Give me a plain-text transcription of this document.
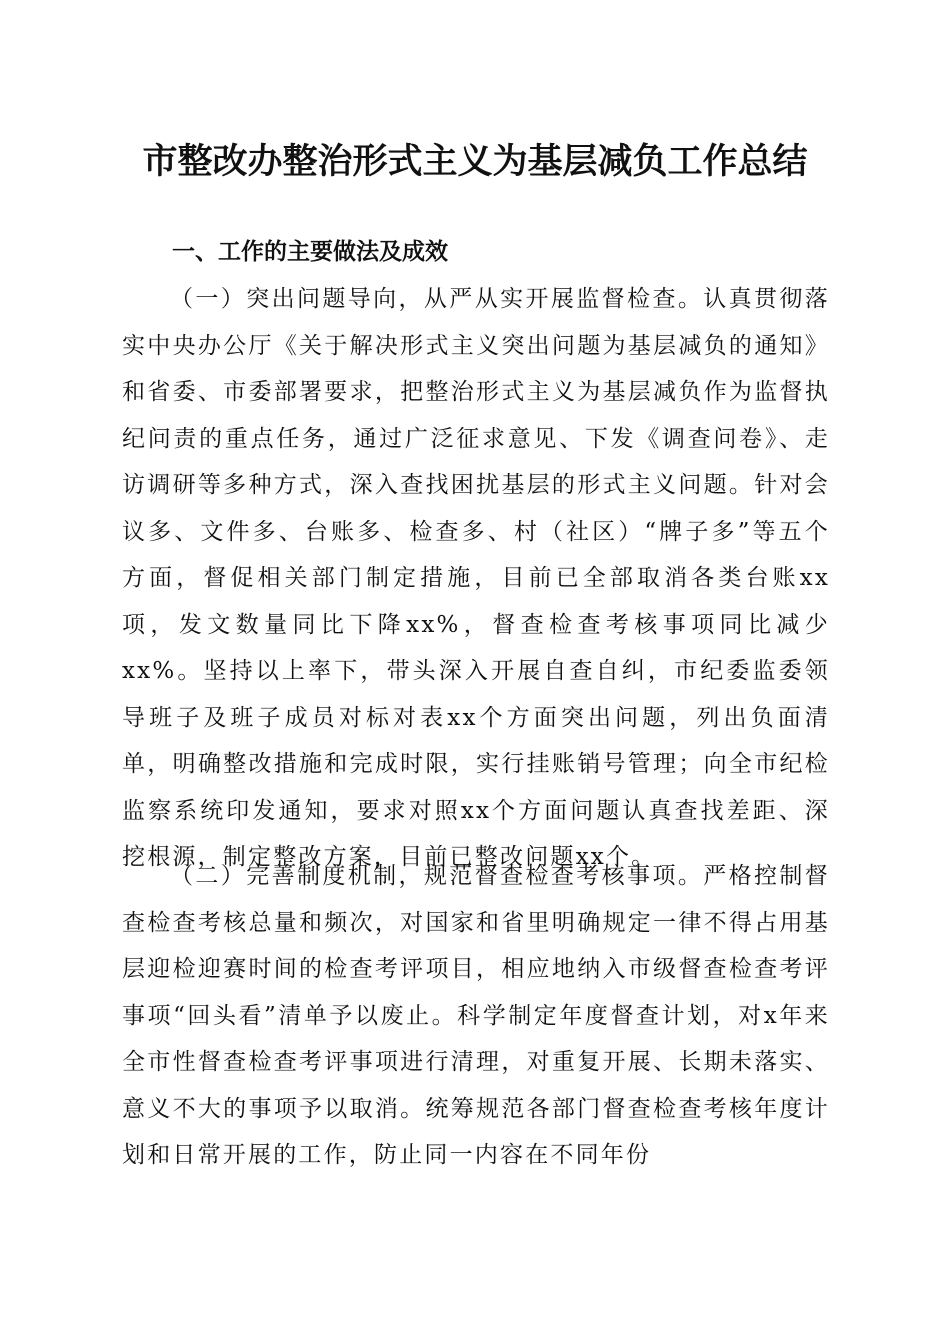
市整改办整治形式主义为基层减负工作总结
一、工作的主要做法及成效

（一）突出问题导向，从严从实开展监督检查。认真贯彻落实中央办公厅《关于解决形式主义突出问题为基层减负的通知》和省委、市委部署要求，把整治形式主义为基层减负作为监督执纪问责的重点任务，通过广泛征求意见、下发《调查问卷》、走访调研等多种方式，深入查找困扰基层的形式主义问题。针对会议多、文件多、台账多、检查多、村（社区）“牌子多”等五个方面，督促相关部门制定措施，目前已全部取消各类台账xx项，发文数量同比下降xx%，督查检查考核事项同比减少xx%。坚持以上率下，带头深入开展自查自纠，市纪委监委领导班子及班子成员对标对表xx个方面突出问题，列出负面清单，明确整改措施和完成时限，实行挂账销号管理；向全市纪检监察系统印发通知，要求对照xx个方面问题认真查找差距、深挖根源，制定整改方案，目前已整改问题xx个。

（二）完善制度机制，规范督查检查考核事项。严格控制督查检查考核总量和频次，对国家和省里明确规定一律不得占用基层迎检迎赛时间的检查考评项目，相应地纳入市级督查检查考评事项“回头看”清单予以废止。科学制定年度督查计划，对x年来全市性督查检查考评事项进行清理，对重复开展、长期未落实、意义不大的事项予以取消。统筹规范各部门督查检查考核年度计划和日常开展的工作，防止同一内容在不同年份
